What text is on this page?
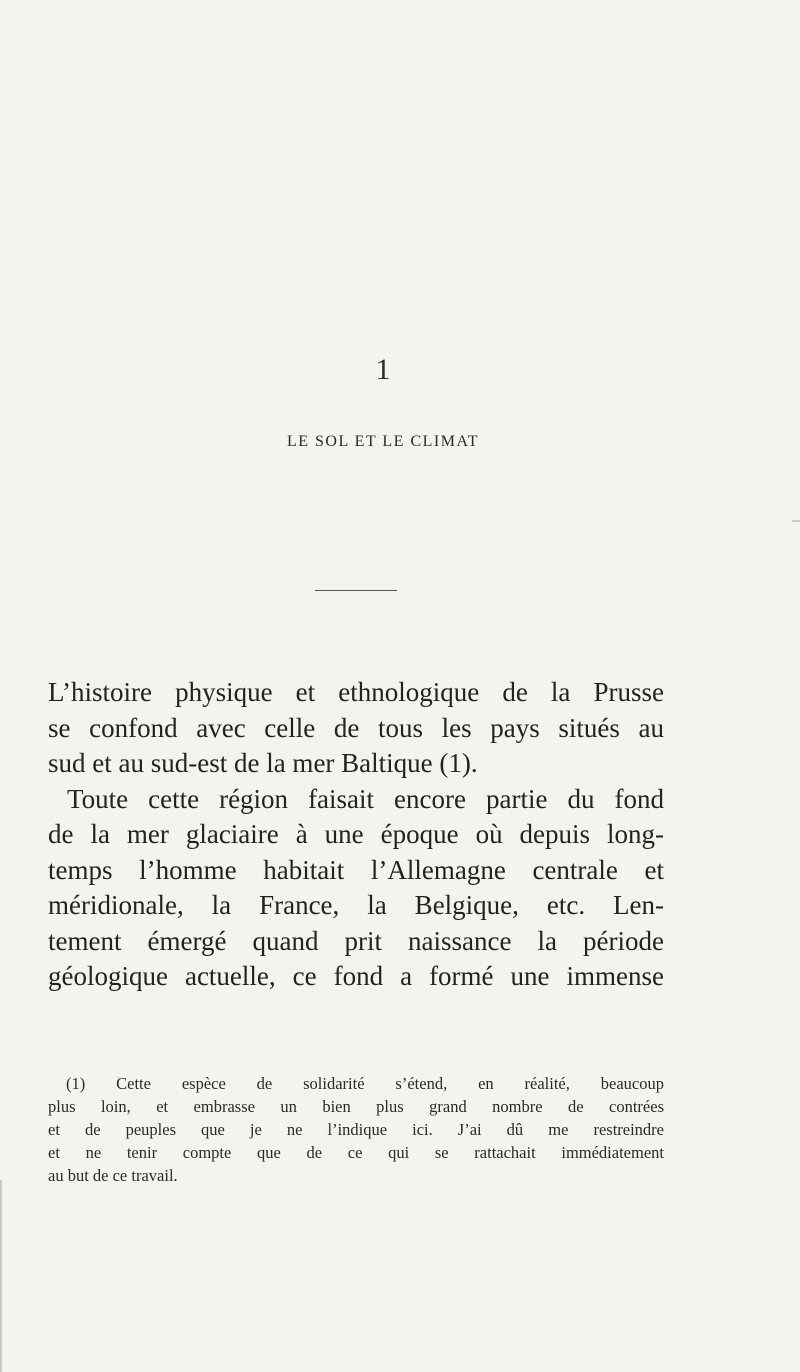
1
LE SOL ET LE CLIMAT
L’histoire physique et ethnologique de la Prusse
se confond avec celle de tous les pays situés au
sud et au sud-est de la mer Baltique (1).
Toute cette région faisait encore partie du fond
de la mer glaciaire à une époque où depuis long-
temps l’homme habitait l’Allemagne centrale et
méridionale, la France, la Belgique, etc. Len-
tement émergé quand prit naissance la période
géologique actuelle, ce fond a formé une immense
(1) Cette espèce de solidarité s’étend, en réalité, beaucoup
plus loin, et embrasse un bien plus grand nombre de contrées
et de peuples que je ne l’indique ici. J’ai dû me restreindre
et ne tenir compte que de ce qui se rattachait immédiatement
au but de ce travail.
